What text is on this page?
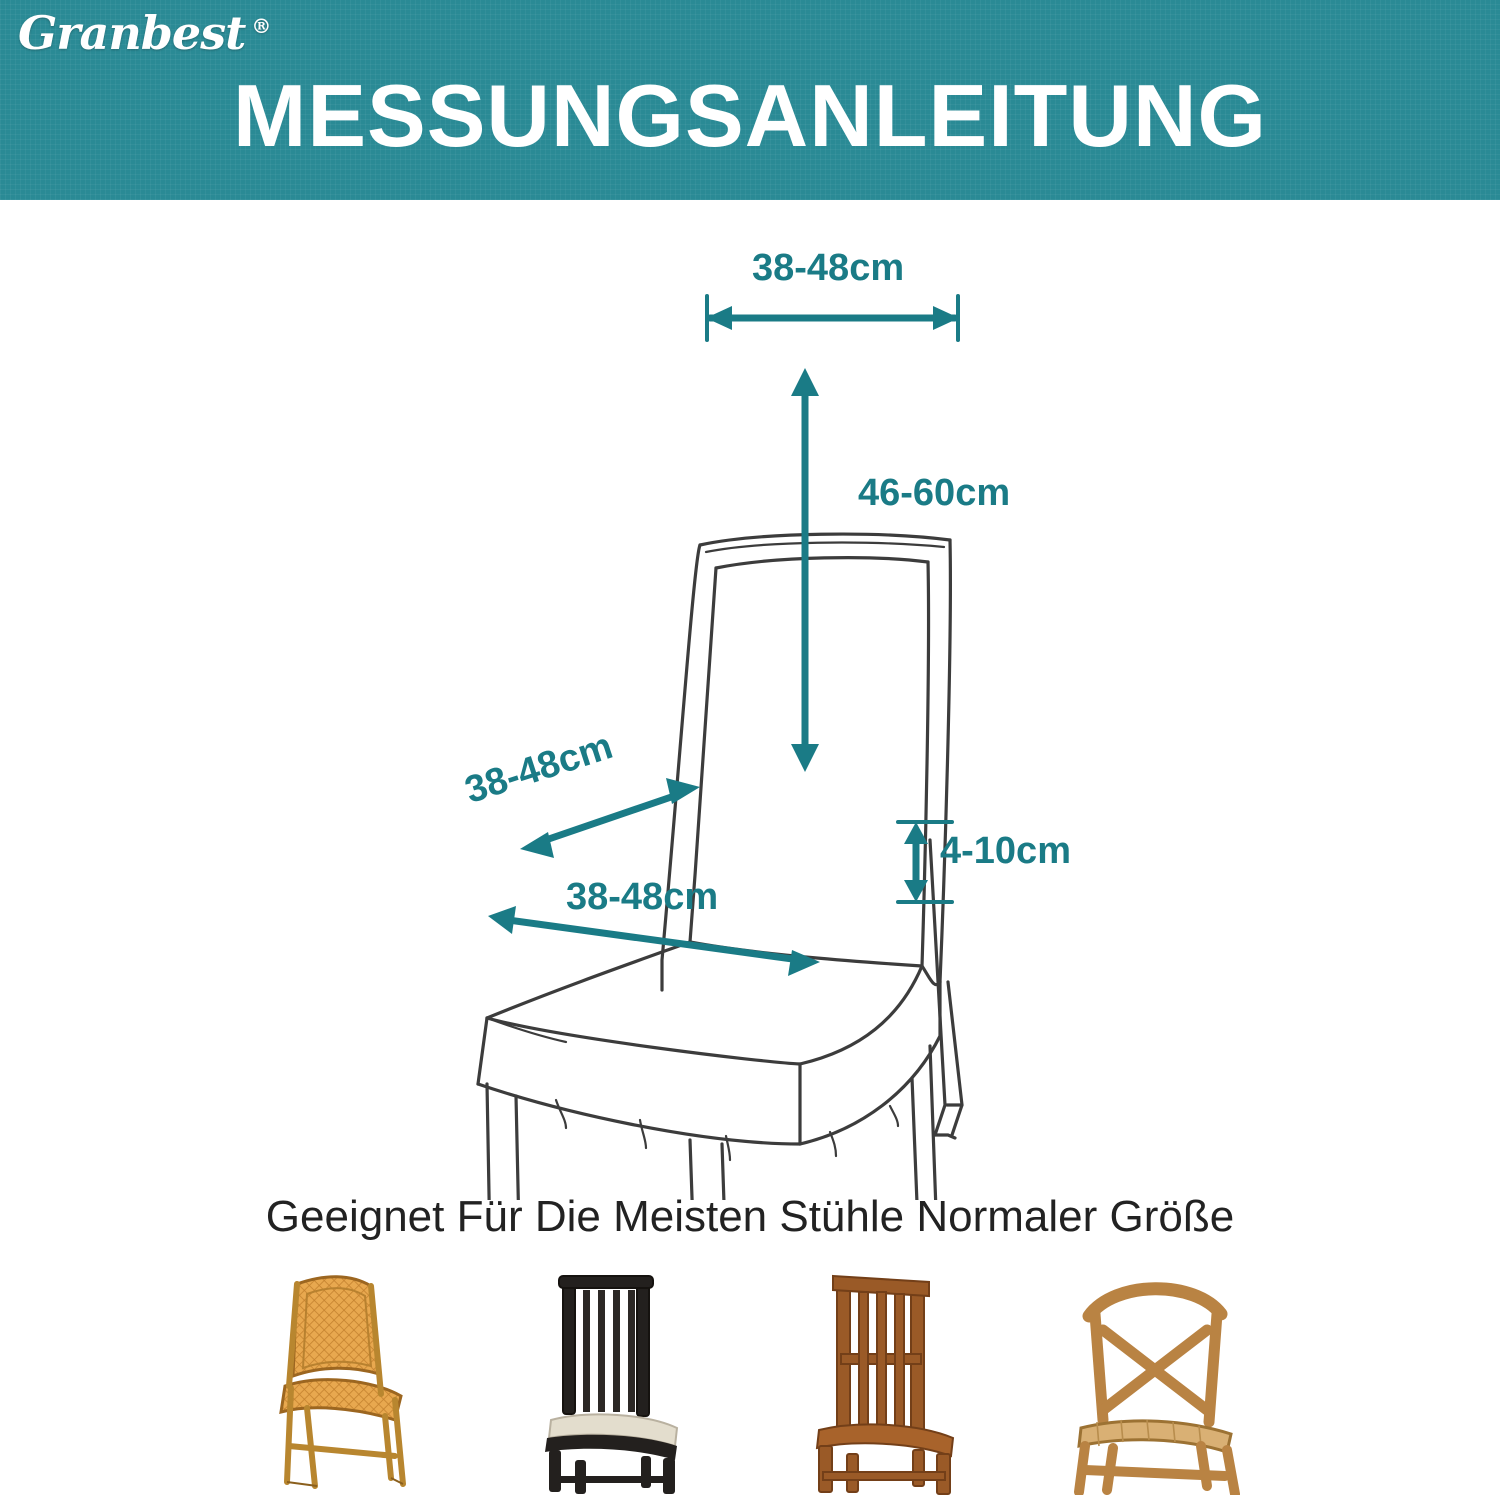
Granbest ®
MESSUNGSANLEITUNG
38-48cm
46-60cm
38-48cm
4-10cm
38-48cm
Geeignet Für Die Meisten Stühle Normaler Größe
